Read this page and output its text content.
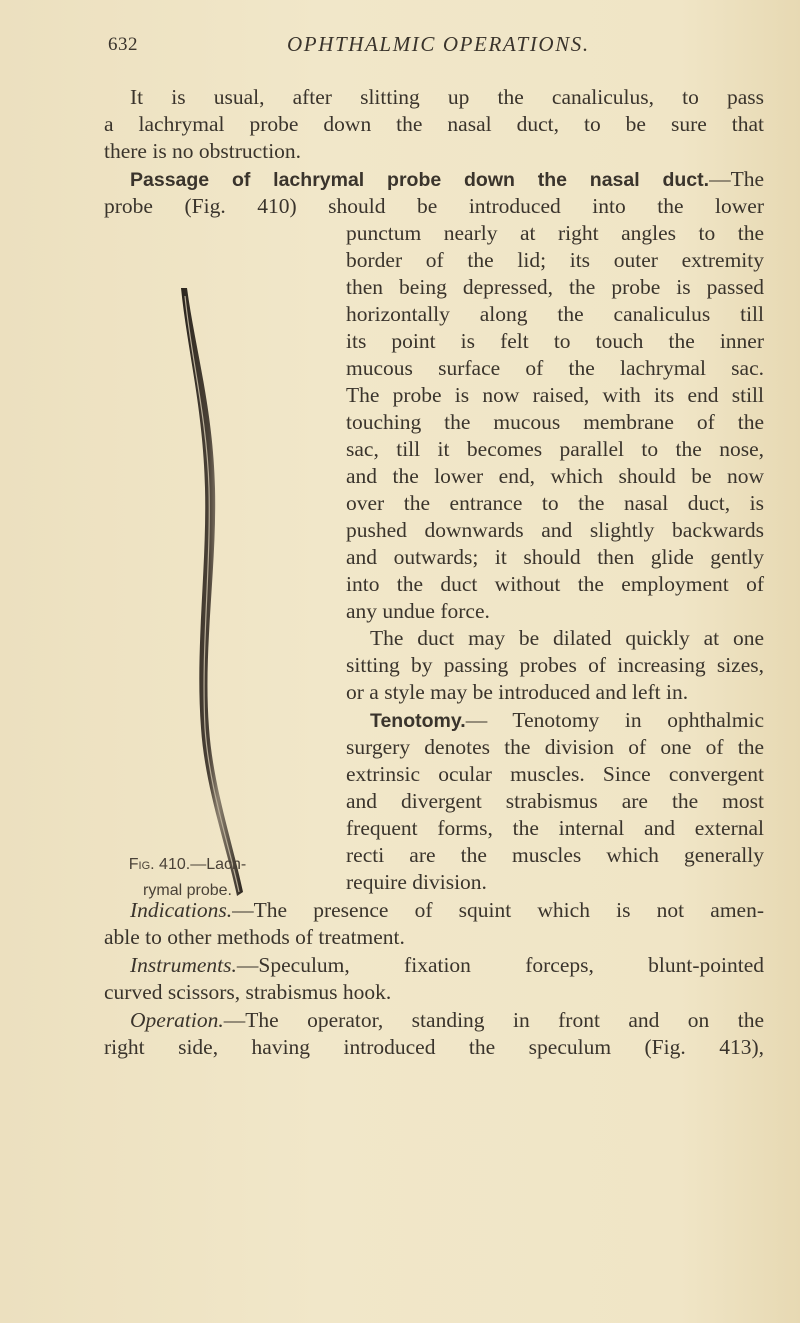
632	OPHTHALMIC OPERATIONS.
It is usual, after slitting up the canaliculus, to pass
a lachrymal probe down the nasal duct, to be sure that
there is no obstruction.
Passage of lachrymal probe down the nasal duct.—The
probe (Fig. 410) should be introduced into the lower
punctum nearly at right angles to the
border of the lid; its outer extremity
then being depressed, the probe is passed
horizontally along the canaliculus till
its point is felt to touch the inner
mucous surface of the lachrymal sac.
The probe is now raised, with its end still
touching the mucous membrane of the
sac, till it becomes parallel to the nose,
and the lower end, which should be now
over the entrance to the nasal duct, is
pushed downwards and slightly backwards
and outwards; it should then glide gently
into the duct without the employment of
any undue force.
The duct may be dilated quickly at one
sitting by passing probes of increasing sizes,
or a style may be introduced and left in.
Tenotomy.— Tenotomy in ophthalmic
surgery denotes the division of one of the
extrinsic ocular muscles. Since convergent
and divergent strabismus are the most
frequent forms, the internal and external
recti are the muscles which generally
require division.
Indications.—The presence of squint which is not amen-
able to other methods of treatment.
Instruments.—Speculum, fixation forceps, blunt-pointed
curved scissors, strabismus hook.
Operation.—The operator, standing in front and on the
right side, having introduced the speculum (Fig. 413),
Fig. 410.—Lach-
rymal probe.
